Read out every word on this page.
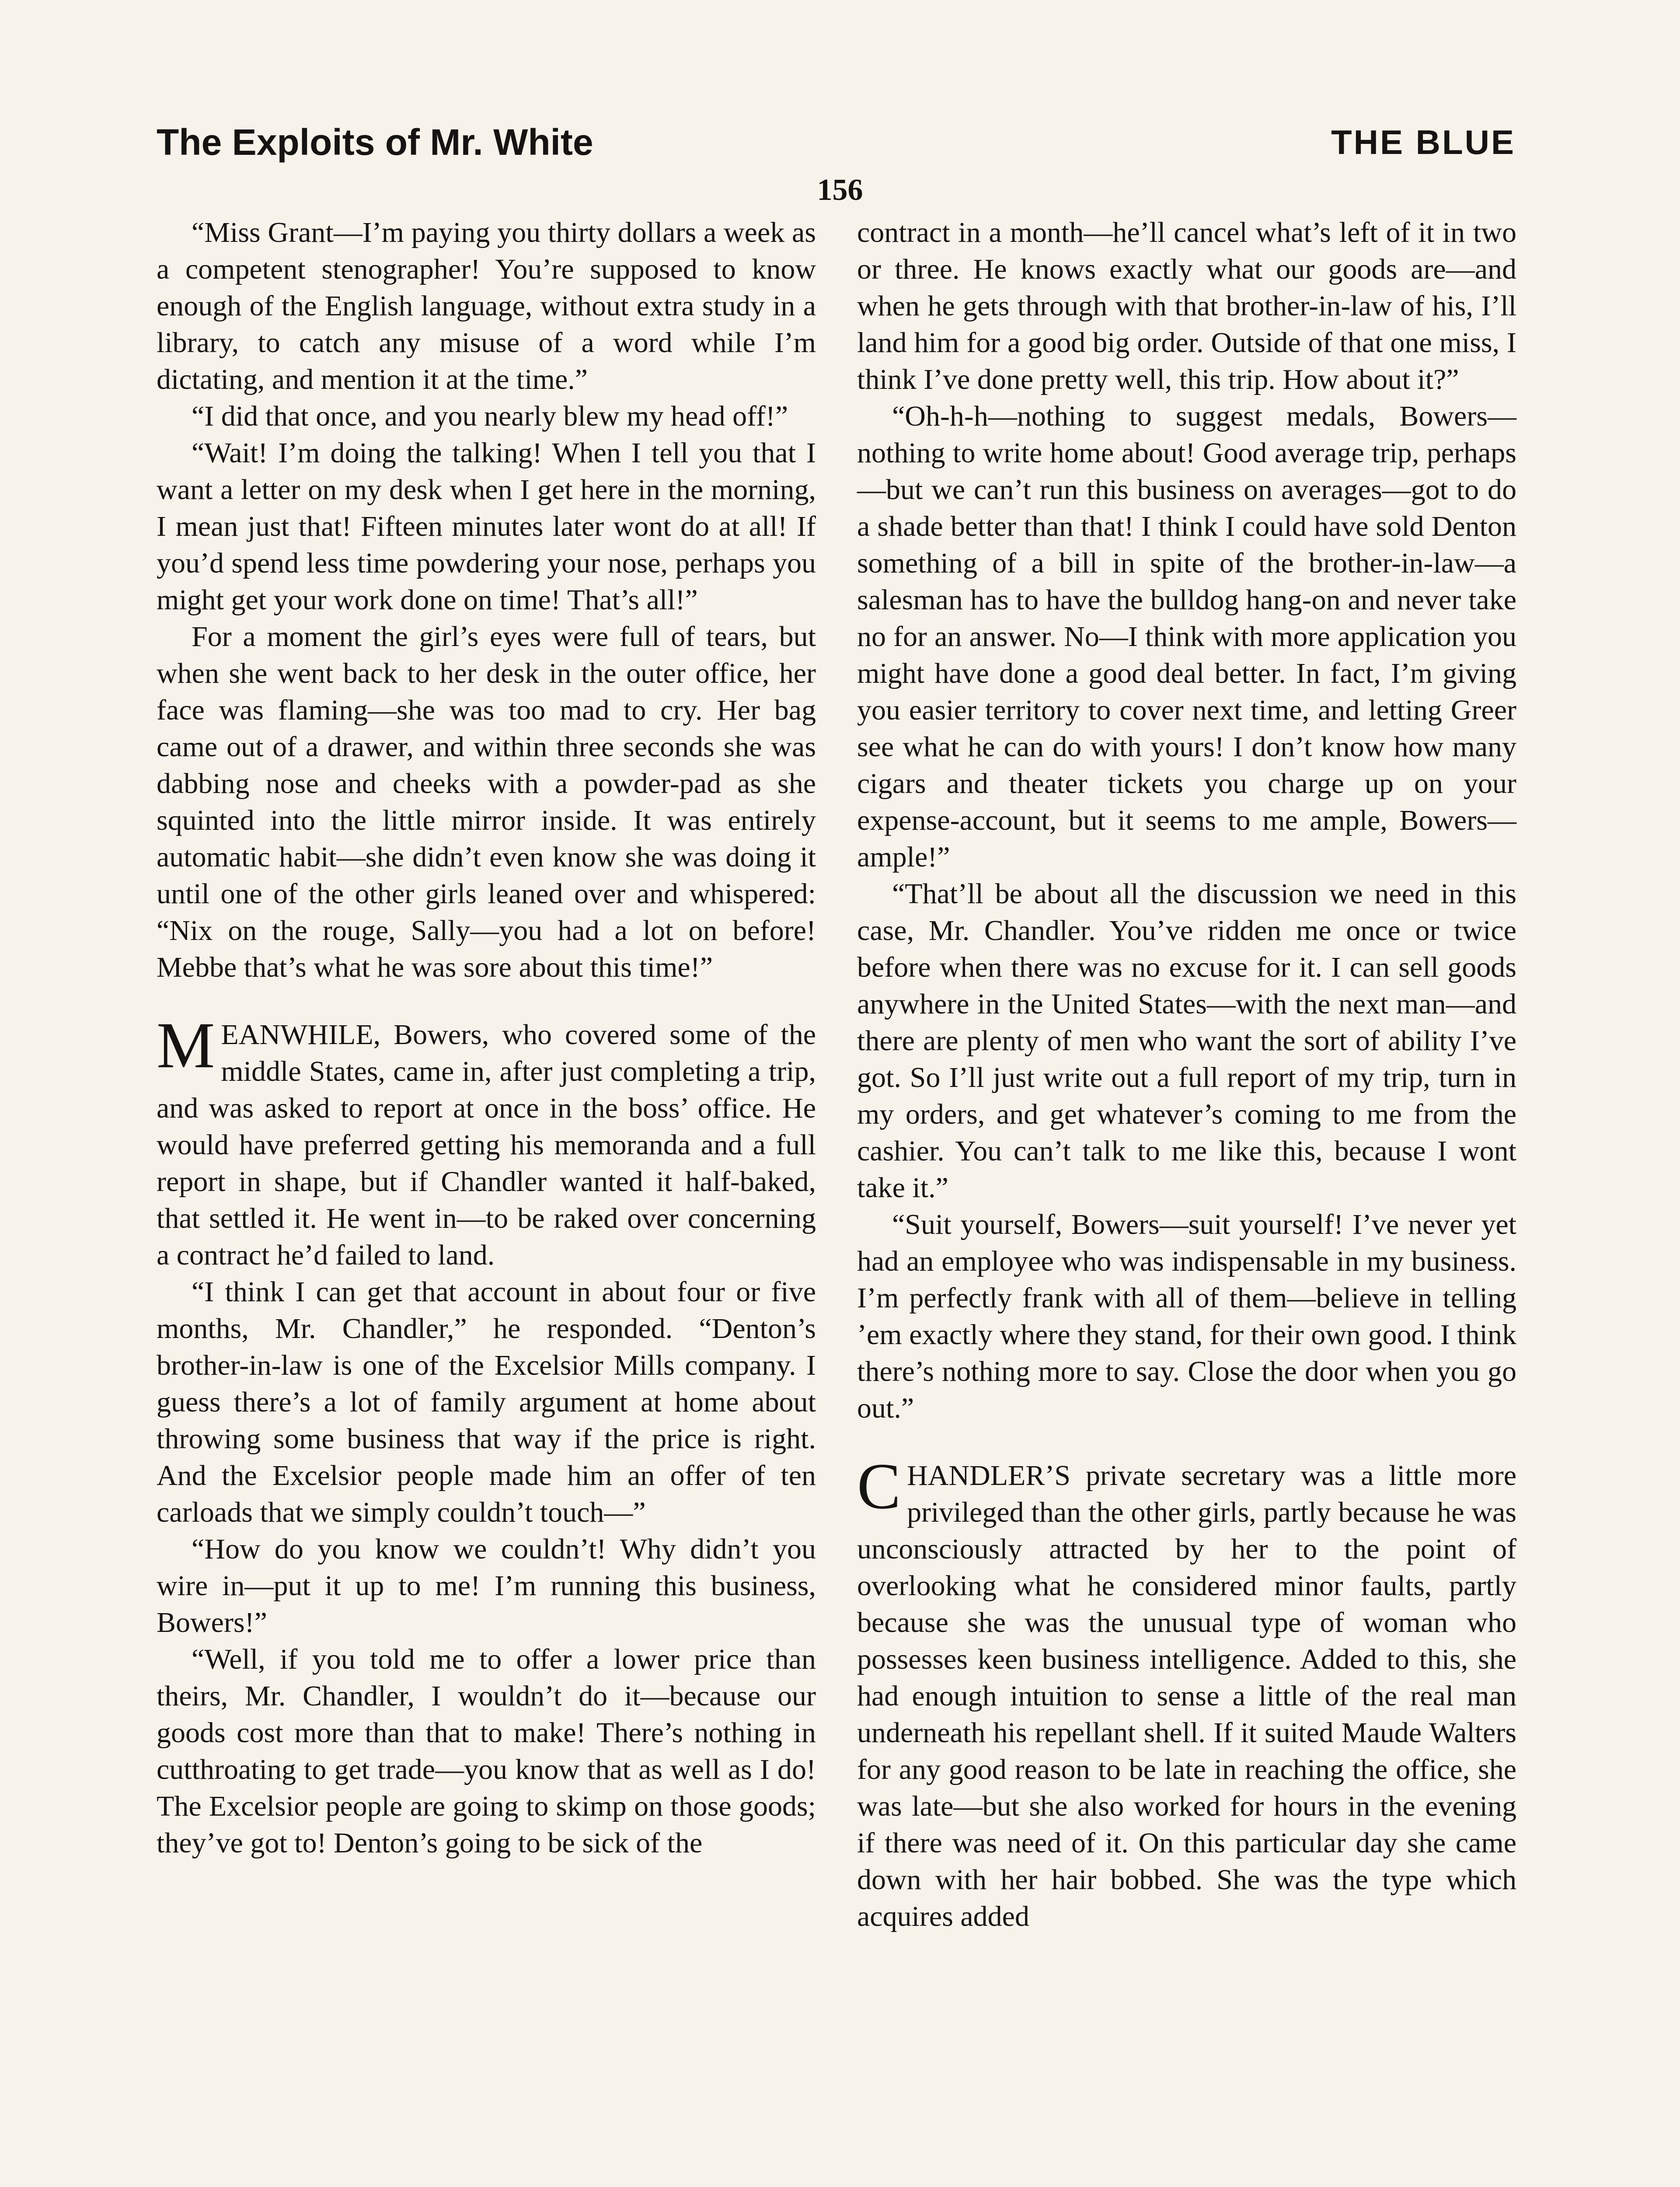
The Exploits of Mr. White	THE BLUE
156

“Miss Grant—I’m paying you thirty dollars a week as a competent stenographer! You’re supposed to know enough of the English language, without extra study in a library, to catch any misuse of a word while I’m dictating, and mention it at the time.”

“I did that once, and you nearly blew my head off!”

“Wait! I’m doing the talking! When I tell you that I want a letter on my desk when I get here in the morning, I mean just that! Fifteen minutes later wont do at all! If you’d spend less time powdering your nose, perhaps you might get your work done on time! That’s all!”

For a moment the girl’s eyes were full of tears, but when she went back to her desk in the outer office, her face was flaming—she was too mad to cry. Her bag came out of a drawer, and within three seconds she was dabbing nose and cheeks with a powder-pad as she squinted into the little mirror inside. It was entirely automatic habit—she didn’t even know she was doing it until one of the other girls leaned over and whispered: “Nix on the rouge, Sally—you had a lot on before! Mebbe that’s what he was sore about this time!”

MEANWHILE, Bowers, who covered some of the middle States, came in, after just completing a trip, and was asked to report at once in the boss’ office. He would have preferred getting his memoranda and a full report in shape, but if Chandler wanted it half-baked, that settled it. He went in—to be raked over concerning a contract he’d failed to land.

“I think I can get that account in about four or five months, Mr. Chandler,” he responded. “Denton’s brother-in-law is one of the Excelsior Mills company. I guess there’s a lot of family argument at home about throwing some business that way if the price is right. And the Excelsior people made him an offer of ten carloads that we simply couldn’t touch—”

“How do you know we couldn’t! Why didn’t you wire in—put it up to me! I’m running this business, Bowers!”

“Well, if you told me to offer a lower price than theirs, Mr. Chandler, I wouldn’t do it—because our goods cost more than that to make! There’s nothing in cutthroating to get trade—you know that as well as I do! The Excelsior people are going to skimp on those goods; they’ve got to! Denton’s going to be sick of the

contract in a month—he’ll cancel what’s left of it in two or three. He knows exactly what our goods are—and when he gets through with that brother-in-law of his, I’ll land him for a good big order. Outside of that one miss, I think I’ve done pretty well, this trip. How about it?”

“Oh-h-h—nothing to suggest medals, Bowers—nothing to write home about! Good average trip, perhaps—but we can’t run this business on averages—got to do a shade better than that! I think I could have sold Denton something of a bill in spite of the brother-in-law—a salesman has to have the bulldog hang-on and never take no for an answer. No—I think with more application you might have done a good deal better. In fact, I’m giving you easier territory to cover next time, and letting Greer see what he can do with yours! I don’t know how many cigars and theater tickets you charge up on your expense-account, but it seems to me ample, Bowers—ample!”

“That’ll be about all the discussion we need in this case, Mr. Chandler. You’ve ridden me once or twice before when there was no excuse for it. I can sell goods anywhere in the United States—with the next man—and there are plenty of men who want the sort of ability I’ve got. So I’ll just write out a full report of my trip, turn in my orders, and get whatever’s coming to me from the cashier. You can’t talk to me like this, because I wont take it.”

“Suit yourself, Bowers—suit yourself! I’ve never yet had an employee who was indispensable in my business. I’m perfectly frank with all of them—believe in telling ’em exactly where they stand, for their own good. I think there’s nothing more to say. Close the door when you go out.”

CHANDLER’S private secretary was a little more privileged than the other girls, partly because he was unconsciously attracted by her to the point of overlooking what he considered minor faults, partly because she was the unusual type of woman who possesses keen business intelligence. Added to this, she had enough intuition to sense a little of the real man underneath his repellant shell. If it suited Maude Walters for any good reason to be late in reaching the office, she was late—but she also worked for hours in the evening if there was need of it. On this particular day she came down with her hair bobbed. She was the type which acquires added
